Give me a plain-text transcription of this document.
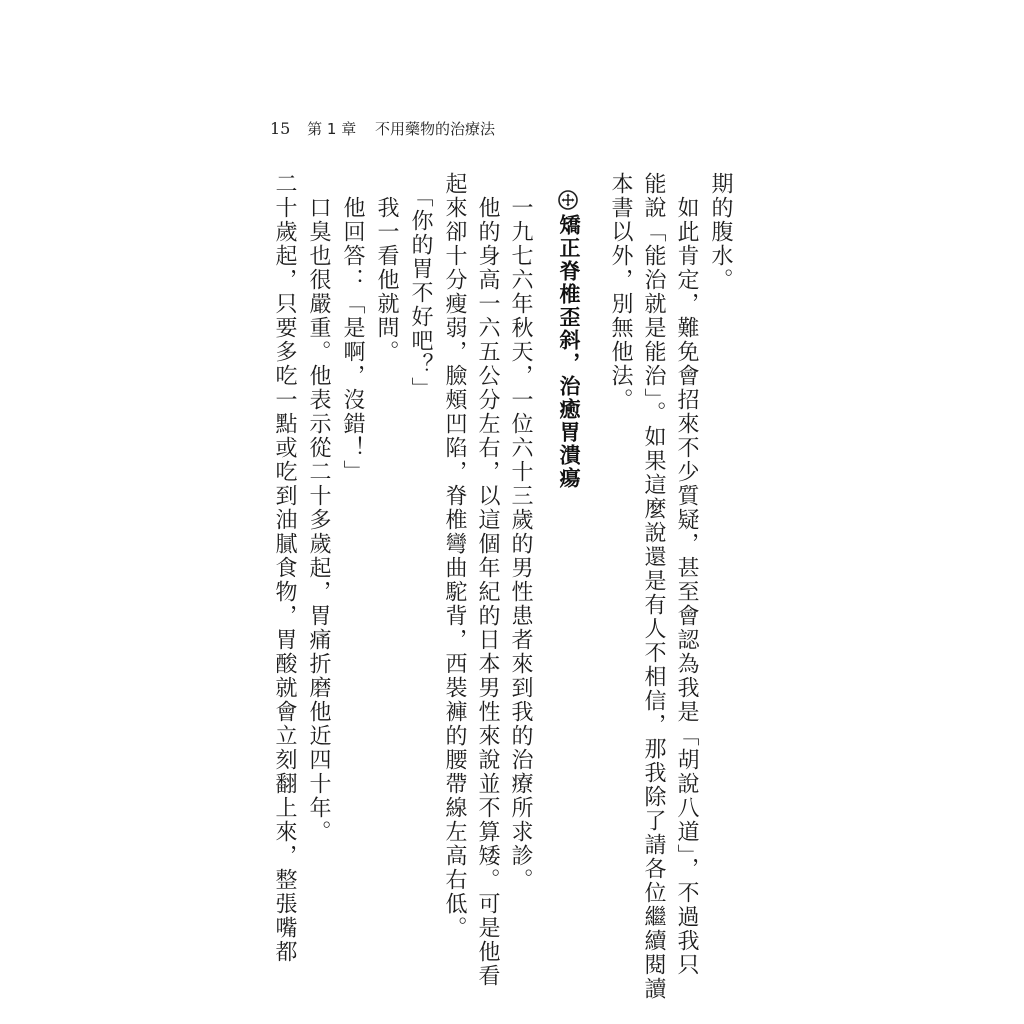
15 第 1 章 不用藥物的治療法
期的腹水。
　如此肯定，難免會招來不少質疑，甚至會認為我是「胡說八道」，不過我只
能說「能治就是能治」。如果這麼說還是有人不相信，那我除了請各位繼續閱讀
本書以外，別無他法。
矯正脊椎歪斜，治癒胃潰瘍
　一九七六年秋天，一位六十三歲的男性患者來到我的治療所求診。
　他的身高一六五公分左右，以這個年紀的日本男性來說並不算矮。可是他看
起來卻十分瘦弱，臉頰凹陷，脊椎彎曲駝背，西裝褲的腰帶線左高右低。
　「你的胃不好吧？」
　我一看他就問。
　他回答：「是啊，沒錯！」
　口臭也很嚴重。他表示從二十多歲起，胃痛折磨他近四十年。
二十歲起，只要多吃一點或吃到油膩食物，胃酸就會立刻翻上來，整張嘴都
